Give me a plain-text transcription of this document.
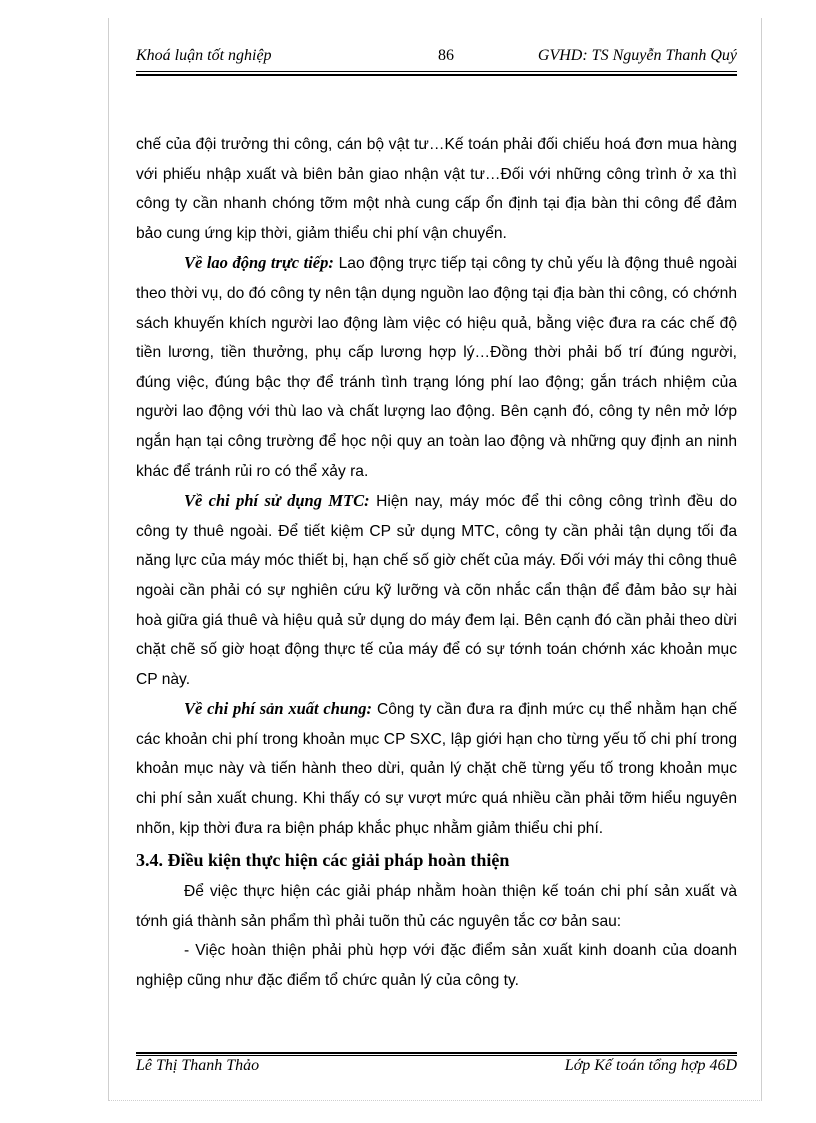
Khoá luận tốt nghiệp	86	GVHD: TS Nguyễn Thanh Quý

chế của đội trưởng thi công, cán bộ vật tư…Kế toán phải đối chiếu hoá đơn mua hàng với phiếu nhập xuất và biên bản giao nhận vật tư…Đối với những công trình ở xa thì công ty cần nhanh chóng tỡm một nhà cung cấp ổn định tại địa bàn thi công để đảm bảo cung ứng kịp thời, giảm thiểu chi phí vận chuyển.

Về lao động trực tiếp: Lao động trực tiếp tại công ty chủ yếu là động thuê ngoài theo thời vụ, do đó công ty nên tận dụng nguồn lao động tại địa bàn thi công, có chớnh sách khuyến khích người lao động làm việc có hiệu quả, bằng việc đưa ra các chế độ tiền lương, tiền thưởng, phụ cấp lương hợp lý…Đồng thời phải bố trí đúng người, đúng việc, đúng bậc thợ để tránh tình trạng lóng phí lao động; gắn trách nhiệm của người lao động với thù lao và chất lượng lao động. Bên cạnh đó, công ty nên mở lớp ngắn hạn tại công trường để học nội quy an toàn lao động và những quy định an ninh khác để tránh rủi ro có thể xảy ra.

Về chi phí sử dụng MTC: Hiện nay, máy móc để thi công công trình đều do công ty thuê ngoài. Để tiết kiệm CP sử dụng MTC, công ty cần phải tận dụng tối đa năng lực của máy móc thiết bị, hạn chế số giờ chết của máy. Đối với máy thi công thuê ngoài cần phải có sự nghiên cứu kỹ lưỡng và cõn nhắc cẩn thận để đảm bảo sự hài hoà giữa giá thuê và hiệu quả sử dụng do máy đem lại. Bên cạnh đó cần phải theo dừi chặt chẽ số giờ hoạt động thực tế của máy để có sự tớnh toán chớnh xác khoản mục CP này.

Về chi phí sản xuất chung: Công ty cần đưa ra định mức cụ thể nhằm hạn chế các khoản chi phí trong khoản mục CP SXC, lập giới hạn cho từng yếu tố chi phí trong khoản mục này và tiến hành theo dừi, quản lý chặt chẽ từng yếu tố trong khoản mục chi phí sản xuất chung. Khi thấy có sự vượt mức quá nhiều cần phải tỡm hiểu nguyên nhõn, kịp thời đưa ra biện pháp khắc phục nhằm giảm thiểu chi phí.

3.4. Điều kiện thực hiện các giải pháp hoàn thiện

Để việc thực hiện các giải pháp nhằm hoàn thiện kế toán chi phí sản xuất và tớnh giá thành sản phẩm thì phải tuõn thủ các nguyên tắc cơ bản sau:

- Việc hoàn thiện phải phù hợp với đặc điểm sản xuất kinh doanh của doanh nghiệp cũng như đặc điểm tổ chức quản lý của công ty.

Lê Thị Thanh Thảo	Lớp Kế toán tổng hợp 46D
